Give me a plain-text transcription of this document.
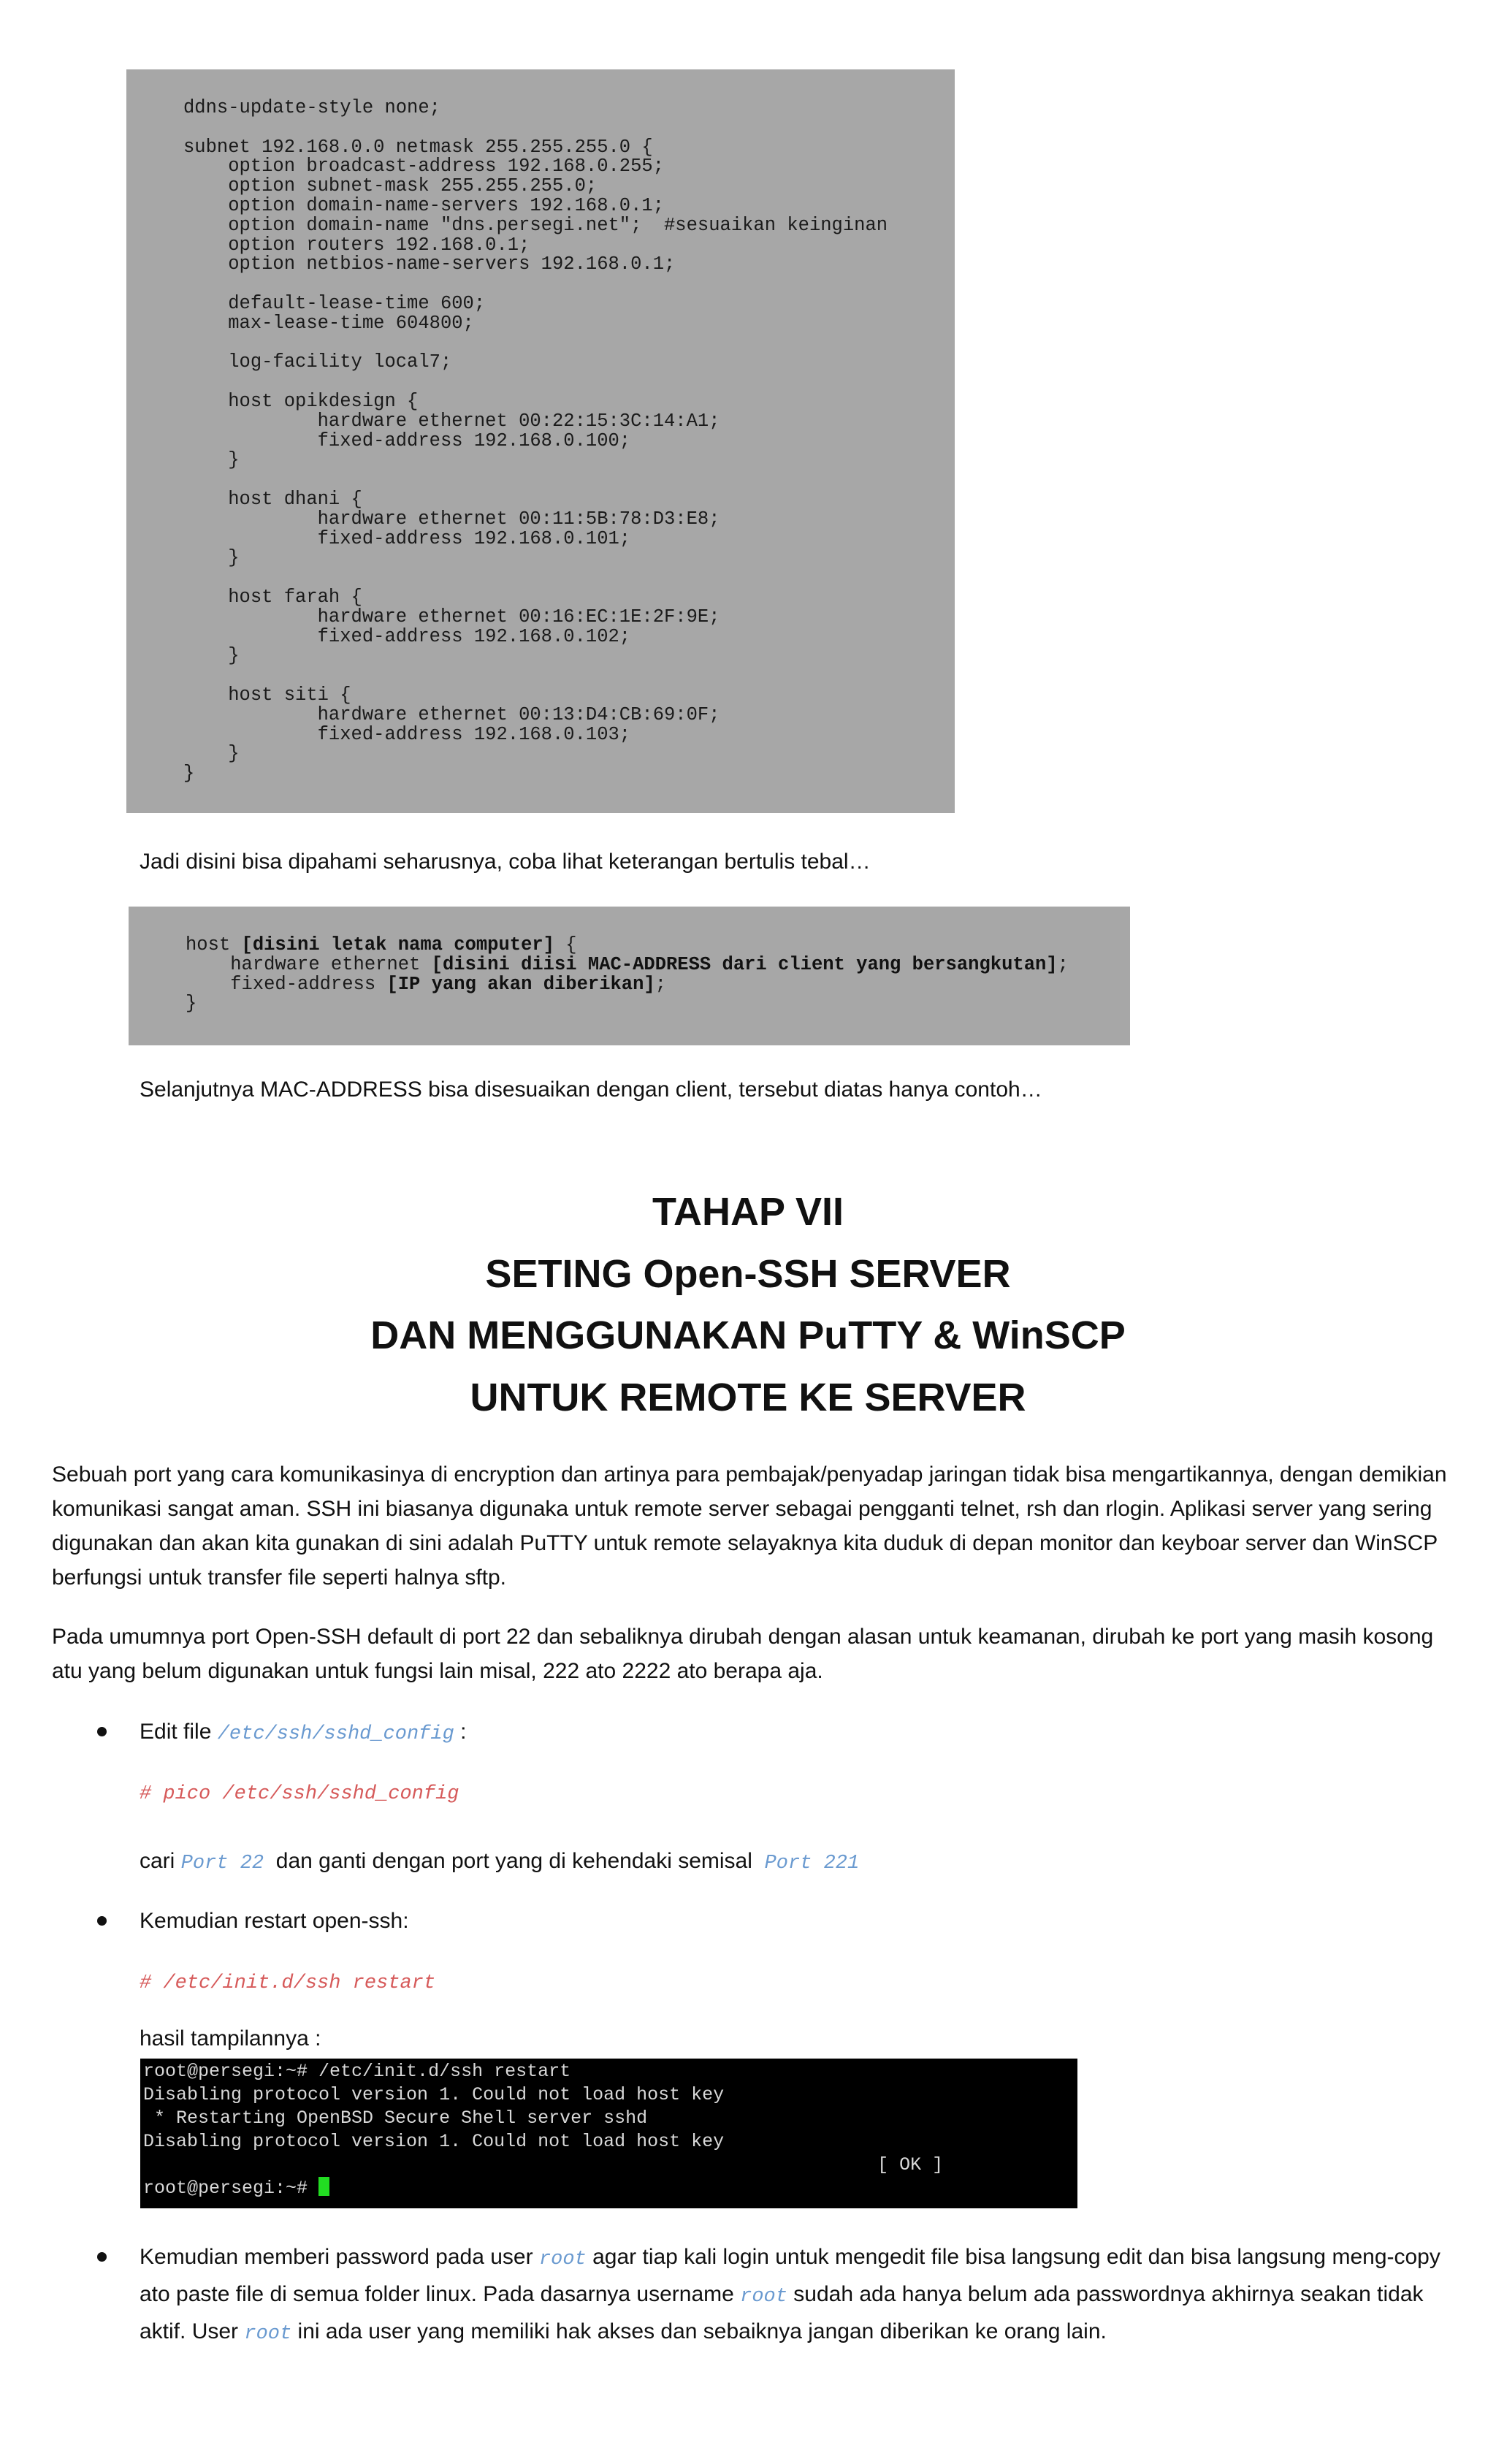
ddns-update-style none;

subnet 192.168.0.0 netmask 255.255.255.0 {
option broadcast-address 192.168.0.255;
option subnet-mask 255.255.255.0;
option domain-name-servers 192.168.0.1;
option domain-name "dns.persegi.net";  #sesuaikan keinginan
option routers 192.168.0.1;
option netbios-name-servers 192.168.0.1;

default-lease-time 600;
max-lease-time 604800;

log-facility local7;

host opikdesign {
hardware ethernet 00:22:15:3C:14:A1;
fixed-address 192.168.0.100;
}

host dhani {
hardware ethernet 00:11:5B:78:D3:E8;
fixed-address 192.168.0.101;
}

host farah {
hardware ethernet 00:16:EC:1E:2F:9E;
fixed-address 192.168.0.102;
}

host siti {
hardware ethernet 00:13:D4:CB:69:0F;
fixed-address 192.168.0.103;
}
}
Jadi disini bisa dipahami seharusnya, coba lihat keterangan bertulis tebal…
host [disini letak nama computer] {
hardware ethernet [disini diisi MAC-ADDRESS dari client yang bersangkutan];
fixed-address [IP yang akan diberikan];
}
Selanjutnya MAC-ADDRESS bisa disesuaikan dengan client, tersebut diatas hanya contoh…
TAHAP VII
SETING Open-SSH SERVER
DAN MENGGUNAKAN PuTTY & WinSCP
UNTUK REMOTE KE SERVER
Sebuah port yang cara komunikasinya di encryption dan artinya para pembajak/penyadap jaringan tidak bisa mengartikannya, dengan demikian komunikasi sangat aman. SSH ini biasanya digunaka untuk remote server sebagai pengganti telnet, rsh dan rlogin. Aplikasi server yang sering digunakan dan akan kita gunakan di sini adalah PuTTY untuk remote selayaknya kita duduk di depan monitor dan keyboar server dan WinSCP berfungsi untuk transfer file seperti halnya sftp.
Pada umumnya port Open-SSH default di port 22 dan sebaliknya dirubah dengan alasan untuk keamanan, dirubah ke port yang masih kosong atu yang belum digunakan untuk fungsi lain misal, 222 ato 2222 ato berapa aja.
Edit file /etc/ssh/sshd_config :
# pico /etc/ssh/sshd_config
cari Port 22  dan ganti dengan port yang di kehendaki semisal  Port 221
Kemudian restart open-ssh:
# /etc/init.d/ssh restart
hasil tampilannya :
root@persegi:~# /etc/init.d/ssh restart
Disabling protocol version 1. Could not load host key
* Restarting OpenBSD Secure Shell server sshd
Disabling protocol version 1. Could not load host key
[ OK ]
root@persegi:~#
Kemudian memberi password pada user root agar tiap kali login untuk mengedit file bisa langsung edit dan bisa langsung meng-copy ato paste file di semua folder linux. Pada dasarnya username root sudah ada hanya belum ada passwordnya akhirnya seakan tidak aktif. User root ini ada user yang memiliki hak akses dan sebaiknya jangan diberikan ke orang lain.
